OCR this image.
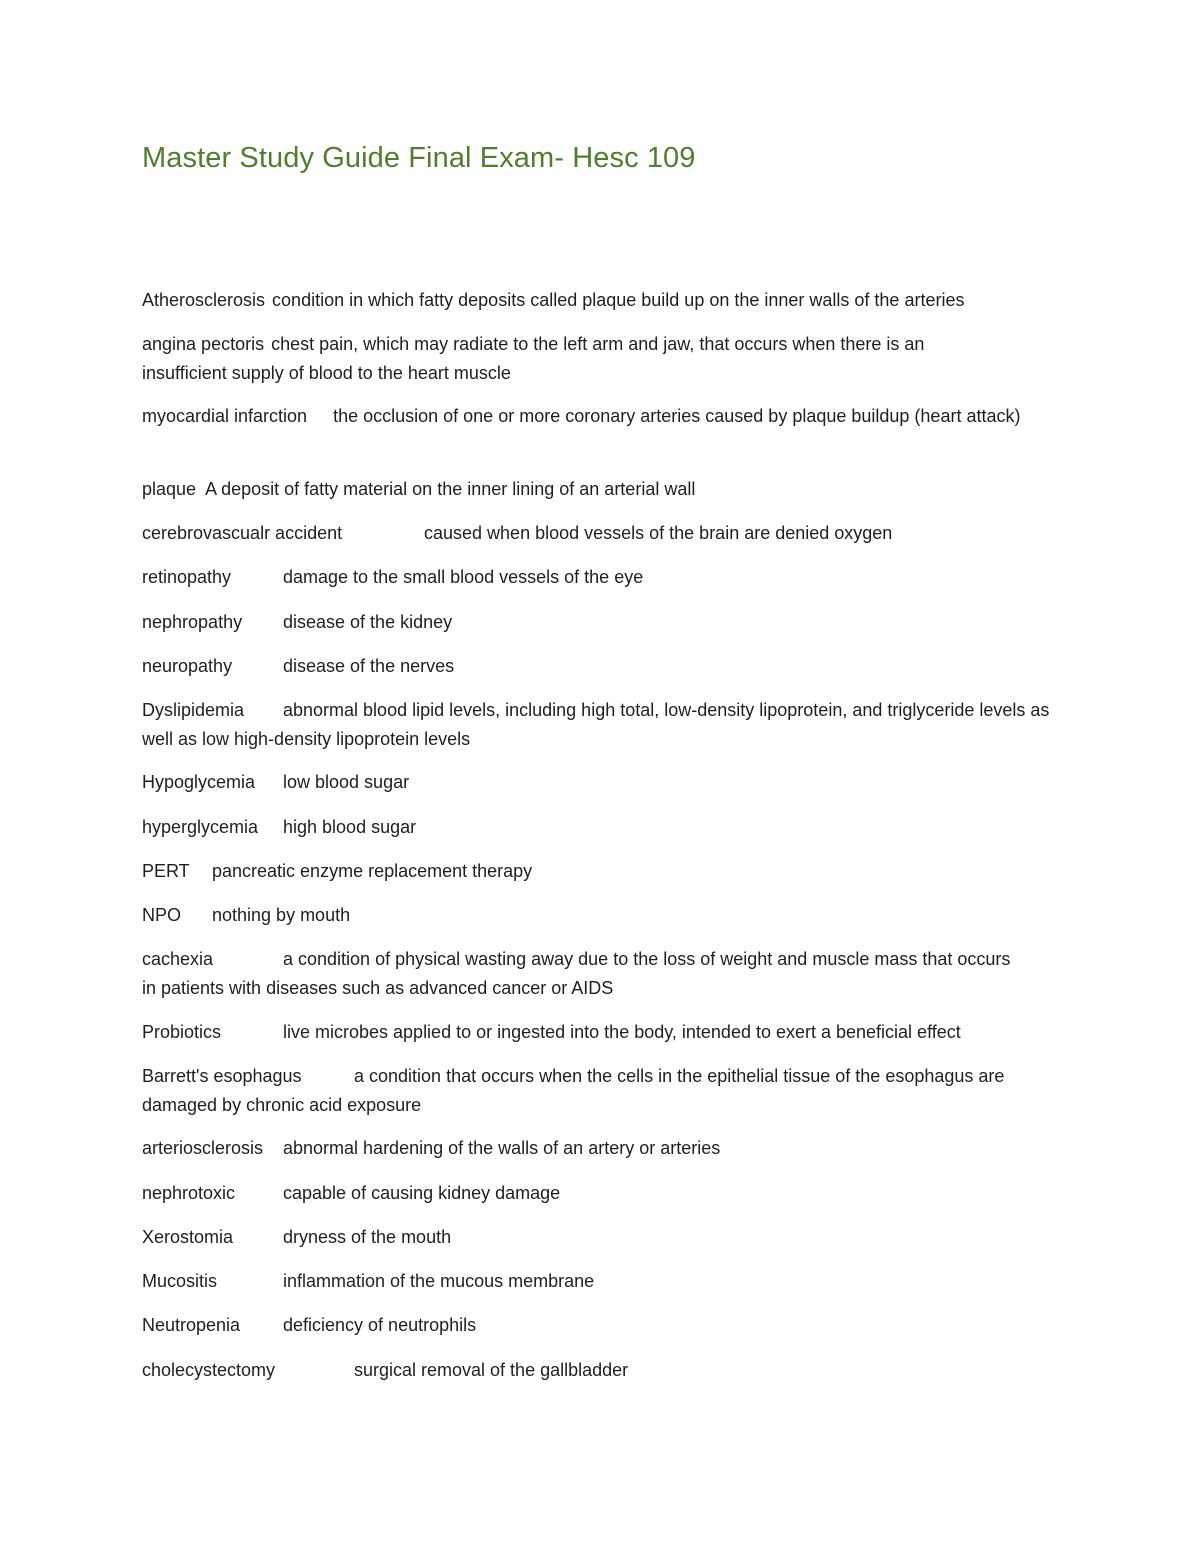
Master Study Guide Final Exam- Hesc 109
Atherosclerosis condition in which fatty deposits called plaque build up on the inner walls of the arteries
angina pectoris chest pain, which may radiate to the left arm and jaw, that occurs when there is an insufficient supply of blood to the heart muscle
myocardial infarction the occlusion of one or more coronary arteries caused by plaque buildup (heart attack)
plaque A deposit of fatty material on the inner lining of an arterial wall
cerebrovascualr accident	caused when blood vessels of the brain are denied oxygen
retinopathy	damage to the small blood vessels of the eye
nephropathy disease of the kidney
neuropathy	disease of the nerves
Dyslipidemia abnormal blood lipid levels, including high total, low-density lipoprotein, and triglyceride levels as well as low high-density lipoprotein levels
Hypoglycemia low blood sugar
hyperglycemia high blood sugar
PERT pancreatic enzyme replacement therapy
NPO nothing by mouth
cachexia	a condition of physical wasting away due to the loss of weight and muscle mass that occurs in patients with diseases such as advanced cancer or AIDS
Probiotics	live microbes applied to or ingested into the body, intended to exert a beneficial effect
Barrett's esophagus	a condition that occurs when the cells in the epithelial tissue of the esophagus are damaged by chronic acid exposure
arteriosclerosis abnormal hardening of the walls of an artery or arteries
nephrotoxic	capable of causing kidney damage
Xerostomia	dryness of the mouth
Mucositis	inflammation of the mucous membrane
Neutropenia deficiency of neutrophils
cholecystectomy	surgical removal of the gallbladder
